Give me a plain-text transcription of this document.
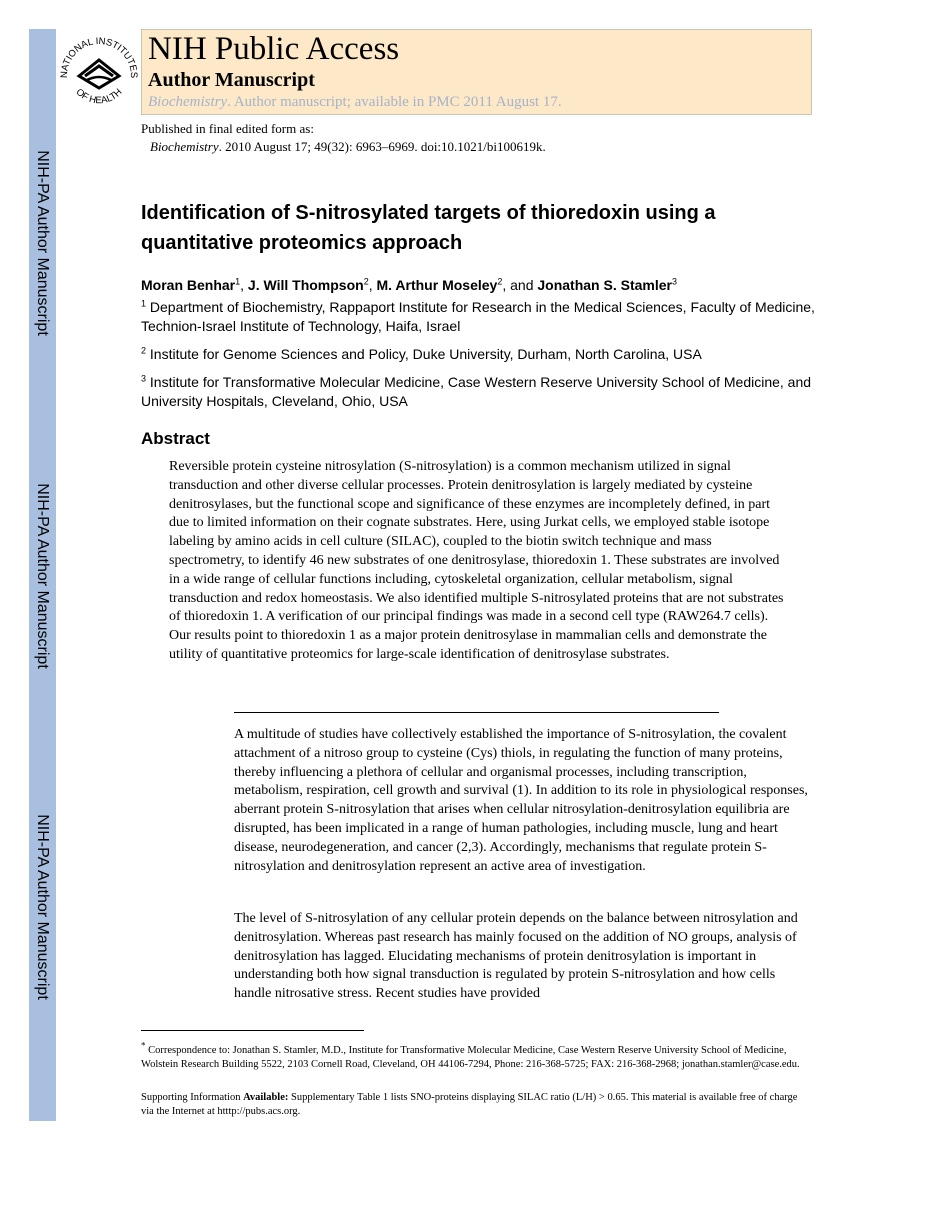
NIH-PA Author Manuscript
NIH-PA Author Manuscript
NIH-PA Author Manuscript
NATIONAL INSTITUTES
OF HEALTH
NIH Public Access
Author Manuscript
Biochemistry. Author manuscript; available in PMC 2011 August 17.
Published in final edited form as:
Biochemistry. 2010 August 17; 49(32): 6963–6969. doi:10.1021/bi100619k.
Identification of S-nitrosylated targets of thioredoxin using a quantitative proteomics approach
Moran Benhar$^1$, J. Will Thompson$^2$, M. Arthur Moseley$^2$, and Jonathan S. Stamler$^3$
$^1$ Department of Biochemistry, Rappaport Institute for Research in the Medical Sciences, Faculty of Medicine, Technion-Israel Institute of Technology, Haifa, Israel
$^2$ Institute for Genome Sciences and Policy, Duke University, Durham, North Carolina, USA
$^3$ Institute for Transformative Molecular Medicine, Case Western Reserve University School of Medicine, and University Hospitals, Cleveland, Ohio, USA
Abstract
Reversible protein cysteine nitrosylation (S-nitrosylation) is a common mechanism utilized in signal transduction and other diverse cellular processes. Protein denitrosylation is largely mediated by cysteine denitrosylases, but the functional scope and significance of these enzymes are incompletely defined, in part due to limited information on their cognate substrates. Here, using Jurkat cells, we employed stable isotope labeling by amino acids in cell culture (SILAC), coupled to the biotin switch technique and mass spectrometry, to identify 46 new substrates of one denitrosylase, thioredoxin 1. These substrates are involved in a wide range of cellular functions including, cytoskeletal organization, cellular metabolism, signal transduction and redox homeostasis. We also identified multiple S-nitrosylated proteins that are not substrates of thioredoxin 1. A verification of our principal findings was made in a second cell type (RAW264.7 cells). Our results point to thioredoxin 1 as a major protein denitrosylase in mammalian cells and demonstrate the utility of quantitative proteomics for large-scale identification of denitrosylase substrates.
A multitude of studies have collectively established the importance of S-nitrosylation, the covalent attachment of a nitroso group to cysteine (Cys) thiols, in regulating the function of many proteins, thereby influencing a plethora of cellular and organismal processes, including transcription, metabolism, respiration, cell growth and survival (1). In addition to its role in physiological responses, aberrant protein S-nitrosylation that arises when cellular nitrosylation-denitrosylation equilibria are disrupted, has been implicated in a range of human pathologies, including muscle, lung and heart disease, neurodegeneration, and cancer (2,3). Accordingly, mechanisms that regulate protein S-nitrosylation and denitrosylation represent an active area of investigation.
The level of S-nitrosylation of any cellular protein depends on the balance between nitrosylation and denitrosylation. Whereas past research has mainly focused on the addition of NO groups, analysis of denitrosylation has lagged. Elucidating mechanisms of protein denitrosylation is important in understanding both how signal transduction is regulated by protein S-nitrosylation and how cells handle nitrosative stress. Recent studies have provided
* Correspondence to: Jonathan S. Stamler, M.D., Institute for Transformative Molecular Medicine, Case Western Reserve University School of Medicine, Wolstein Research Building 5522, 2103 Cornell Road, Cleveland, OH 44106-7294, Phone: 216-368-5725; FAX: 216-368-2968; jonathan.stamler@case.edu.
Supporting Information Available: Supplementary Table 1 lists SNO-proteins displaying SILAC ratio (L/H) > 0.65. This material is available free of charge via the Internet at htttp://pubs.acs.org.
